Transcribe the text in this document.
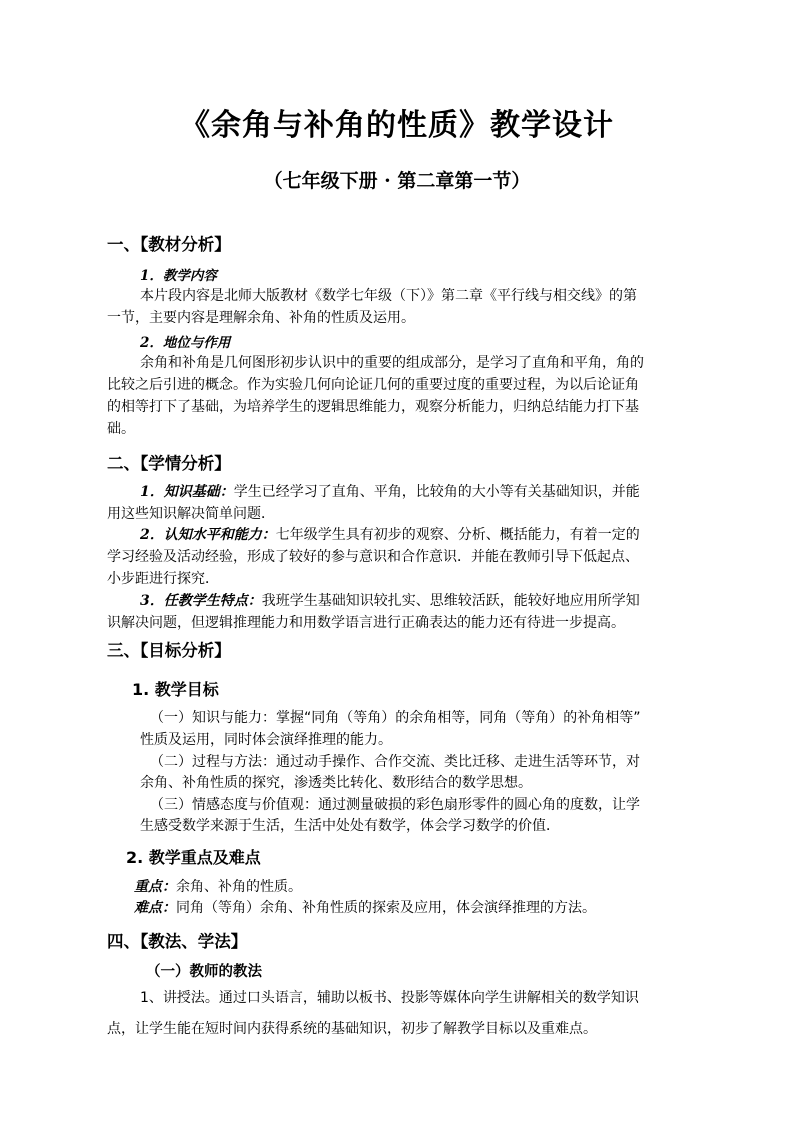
《余角与补角的性质》教学设计
（七年级下册 · 第二章第一节）
一、【教材分析】
1．教学内容
本片段内容是北师大版教材《数学七年级（下）》第二章《平行线与相交线》的第
一节，主要内容是理解余角、补角的性质及运用。
2．地位与作用
余角和补角是几何图形初步认识中的重要的组成部分，是学习了直角和平角，角的
比较之后引进的概念。作为实验几何向论证几何的重要过度的重要过程，为以后论证角
的相等打下了基础，为培养学生的逻辑思维能力，观察分析能力，归纳总结能力打下基
础。
二、【学情分析】
1．知识基础：学生已经学习了直角、平角，比较角的大小等有关基础知识，并能
用这些知识解决简单问题．
2．认知水平和能力：七年级学生具有初步的观察、分析、概括能力，有着一定的
学习经验及活动经验，形成了较好的参与意识和合作意识．并能在教师引导下低起点、
小步距进行探究．
3．任教学生特点：我班学生基础知识较扎实、思维较活跃，能较好地应用所学知
识解决问题，但逻辑推理能力和用数学语言进行正确表达的能力还有待进一步提高。
三、【目标分析】
1. 教学目标
（一）知识与能力：掌握“同角（等角）的余角相等，同角（等角）的补角相等”
性质及运用，同时体会演绎推理的能力。
（二）过程与方法：通过动手操作、合作交流、类比迁移、走进生活等环节，对
余角、补角性质的探究，渗透类比转化、数形结合的数学思想。
（三）情感态度与价值观：通过测量破损的彩色扇形零件的圆心角的度数，让学
生感受数学来源于生活，生活中处处有数学，体会学习数学的价值．
2. 教学重点及难点
重点：余角、补角的性质。
难点：同角（等角）余角、补角性质的探索及应用，体会演绎推理的方法。
四、【教法、学法】
（一）教师的教法
1、讲授法。通过口头语言，辅助以板书、投影等媒体向学生讲解相关的数学知识
点，让学生能在短时间内获得系统的基础知识，初步了解教学目标以及重难点。
